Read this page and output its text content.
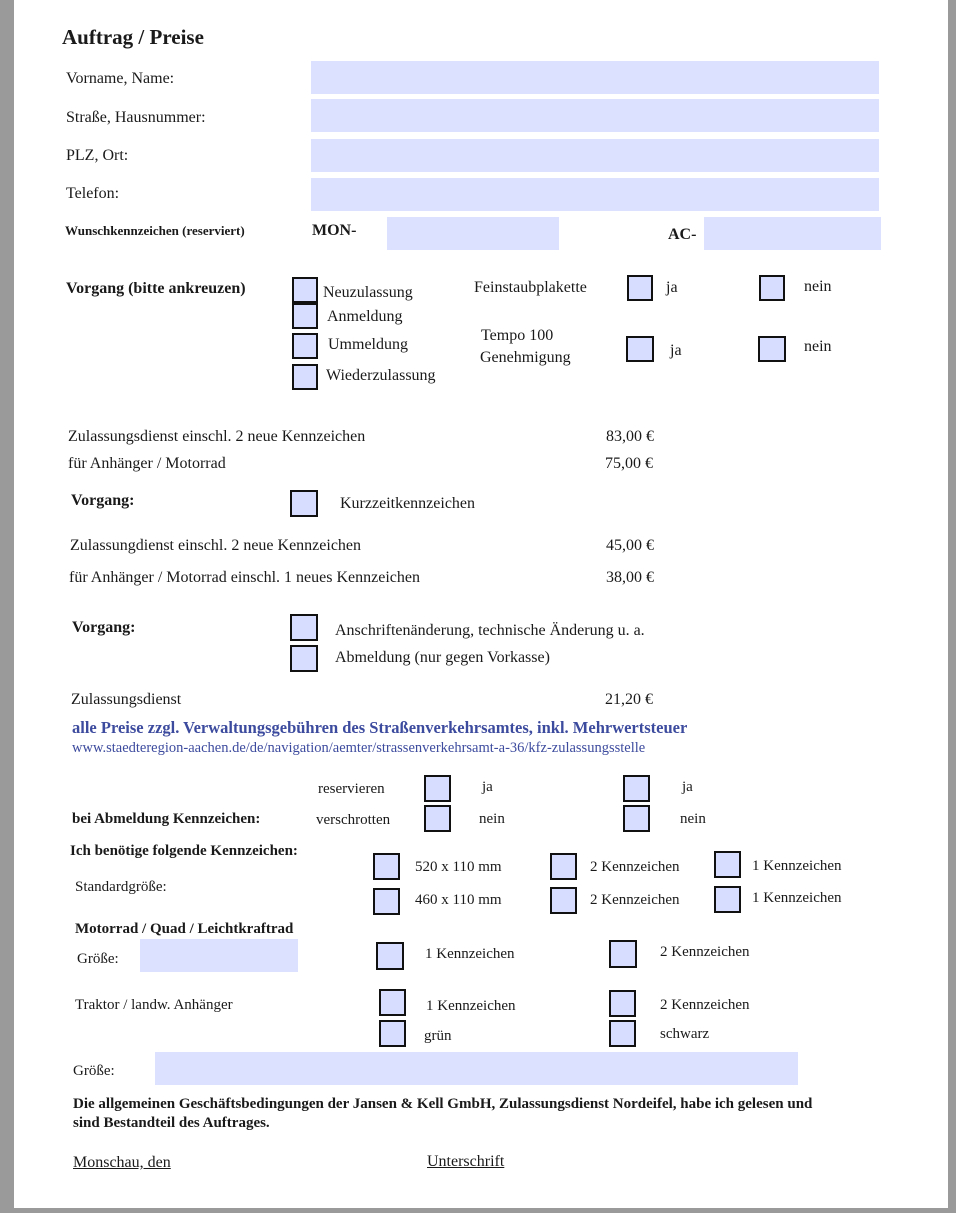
Auftrag / Preise
Vorname, Name:
Straße, Hausnummer:
PLZ, Ort:
Telefon:
Wunschkennzeichen (reserviert)	MON-	AC-
Vorgang (bitte ankreuzen)	Neuzulassung
Anmeldung
Ummeldung
Wiederzulassung
Feinstaubplakette	ja	nein
Tempo 100
Genehmigung	ja	nein
Zulassungsdienst einschl. 2 neue Kennzeichen	83,00 €
für Anhänger / Motorrad	75,00 €
Vorgang:	Kurzzeitkennzeichen
Zulassungdienst einschl. 2 neue Kennzeichen	45,00 €
für Anhänger / Motorrad einschl. 1 neues Kennzeichen	38,00 €
Vorgang:	Anschriftenänderung, technische Änderung u. a.
Abmeldung (nur gegen Vorkasse)
Zulassungsdienst	21,20 €
alle Preise zzgl. Verwaltungsgebühren des Straßenverkehrsamtes, inkl. Mehrwertsteuer
www.staedteregion-aachen.de/de/navigation/aemter/strassenverkehrsamt-a-36/kfz-zulassungsstelle
reservieren	ja	ja
bei Abmeldung Kennzeichen:	verschrotten	nein	nein
Ich benötige folgende Kennzeichen:
Standardgröße:
520 x 110 mm	2 Kennzeichen	1 Kennzeichen
460 x 110 mm	2 Kennzeichen	1 Kennzeichen
Motorrad / Quad / Leichtkraftrad
Größe:	1 Kennzeichen	2 Kennzeichen
Traktor / landw. Anhänger	1 Kennzeichen	2 Kennzeichen
grün	schwarz
Größe:
Die allgemeinen Geschäftsbedingungen der Jansen & Kell GmbH, Zulassungsdienst Nordeifel, habe ich gelesen und
sind Bestandteil des Auftrages.
Monschau, den	Unterschrift
